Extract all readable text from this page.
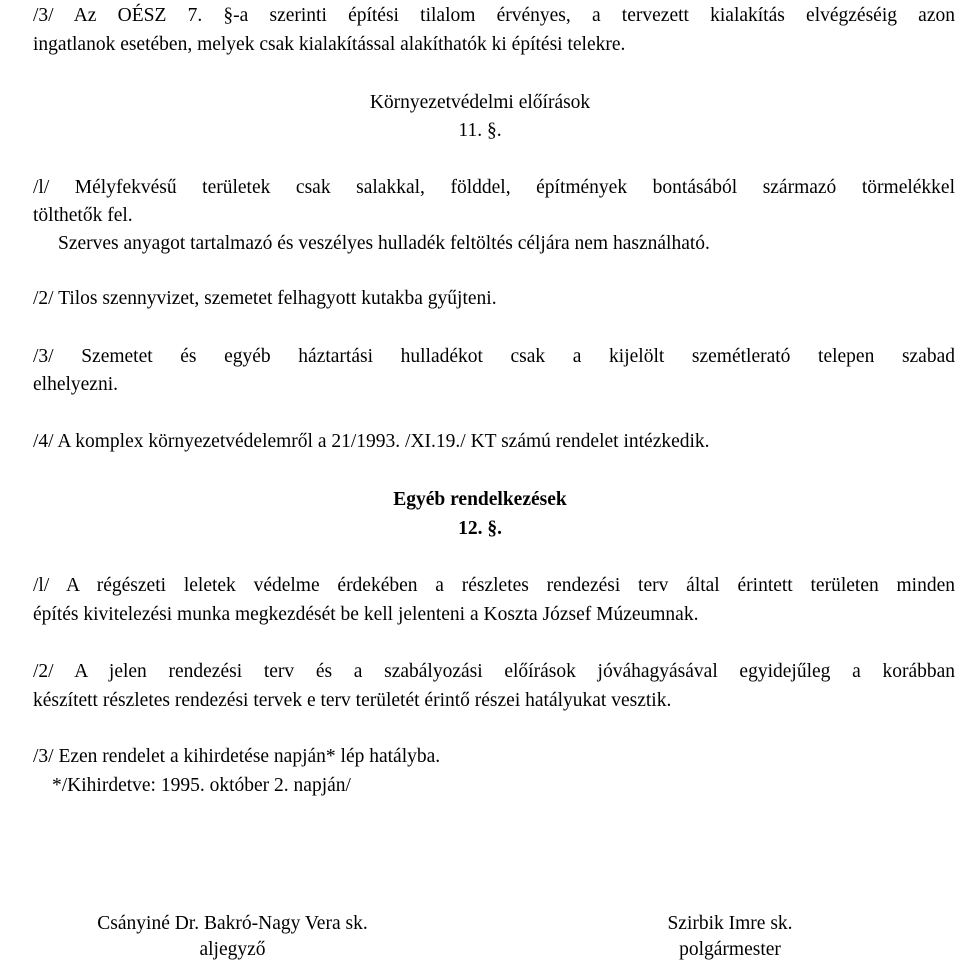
/3/ Az OÉSZ 7. §-a szerinti építési tilalom érvényes, a tervezett kialakítás elvégzéséig azon
ingatlanok esetében, melyek csak kialakítással alakíthatók ki építési telekre.
Környezetvédelmi előírások
11. §.
/l/ Mélyfekvésű területek csak salakkal, földdel, építmények bontásából származó törmelékkel
tölthetők fel.
Szerves anyagot tartalmazó és veszélyes hulladék feltöltés céljára nem használható.
/2/ Tilos szennyvizet, szemetet felhagyott kutakba gyűjteni.
/3/ Szemetet és egyéb háztartási hulladékot csak a kijelölt szemétlerató telepen szabad
elhelyezni.
/4/ A komplex környezetvédelemről a 21/1993. /XI.19./ KT számú rendelet intézkedik.
Egyéb rendelkezések
12. §.
/l/ A régészeti leletek védelme érdekében a részletes rendezési terv által érintett területen minden
építés kivitelezési munka megkezdését be kell jelenteni a Koszta József Múzeumnak.
/2/ A jelen rendezési terv és a szabályozási előírások jóváhagyásával egyidejűleg a korábban
készített részletes rendezési tervek e terv területét érintő részei hatályukat vesztik.
/3/ Ezen rendelet a kihirdetése napján* lép hatályba.
*/Kihirdetve: 1995. október 2. napján/
Csányiné Dr. Bakró-Nagy Vera sk.
aljegyző
Szirbik Imre sk.
polgármester
